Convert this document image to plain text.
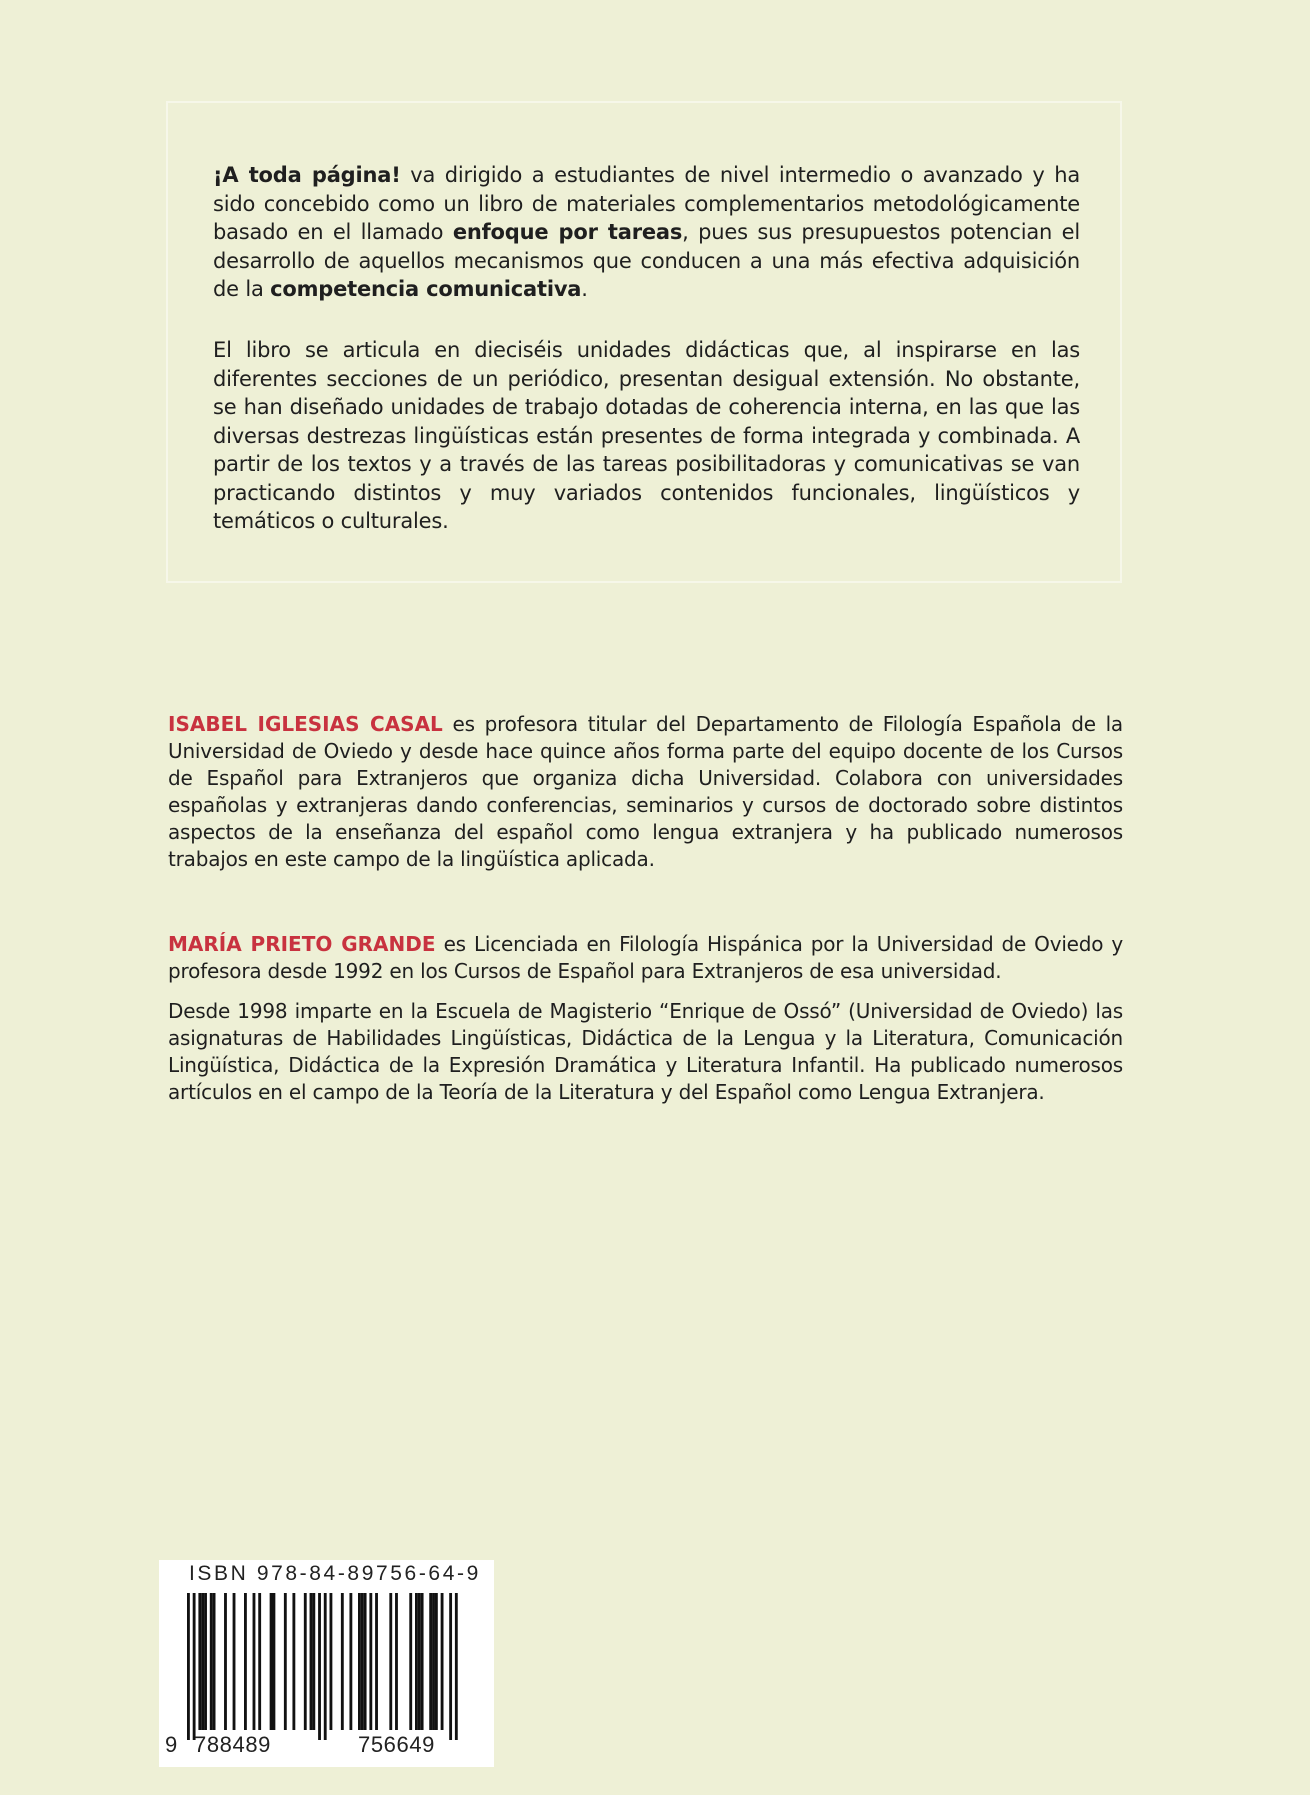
¡A toda página! va dirigido a estudiantes de nivel intermedio o avanzado y ha sido concebido como un libro de materiales complementarios metodológicamente basado en el llamado enfoque por tareas, pues sus presupuestos potencian el desarrollo de aquellos mecanismos que conducen a una más efectiva adquisición de la competencia comunicativa.

El libro se articula en dieciséis unidades didácticas que, al inspirarse en las diferentes secciones de un periódico, presentan desigual extensión. No obstante, se han diseñado unidades de trabajo dotadas de coherencia interna, en las que las diversas destrezas lingüísticas están presentes de forma integrada y combinada. A partir de los textos y a través de las tareas posibilitadoras y comunicativas se van practicando distintos y muy variados contenidos funcionales, lingüísticos y temáticos o culturales.

ISABEL IGLESIAS CASAL es profesora titular del Departamento de Filología Española de la Universidad de Oviedo y desde hace quince años forma parte del equipo docente de los Cursos de Español para Extranjeros que organiza dicha Universidad. Colabora con universidades españolas y extranjeras dando conferencias, seminarios y cursos de doctorado sobre distintos aspectos de la enseñanza del español como lengua extranjera y ha publicado numerosos trabajos en este campo de la lingüística aplicada.

MARÍA PRIETO GRANDE es Licenciada en Filología Hispánica por la Universidad de Oviedo y profesora desde 1992 en los Cursos de Español para Extranjeros de esa universidad.

Desde 1998 imparte en la Escuela de Magisterio “Enrique de Ossó” (Universidad de Oviedo) las asignaturas de Habilidades Lingüísticas, Didáctica de la Lengua y la Literatura, Comunicación Lingüística, Didáctica de la Expresión Dramática y Literatura Infantil. Ha publicado numerosos artículos en el campo de la Teoría de la Literatura y del Español como Lengua Extranjera.

ISBN 978-84-89756-64-9
9 788489	756649
